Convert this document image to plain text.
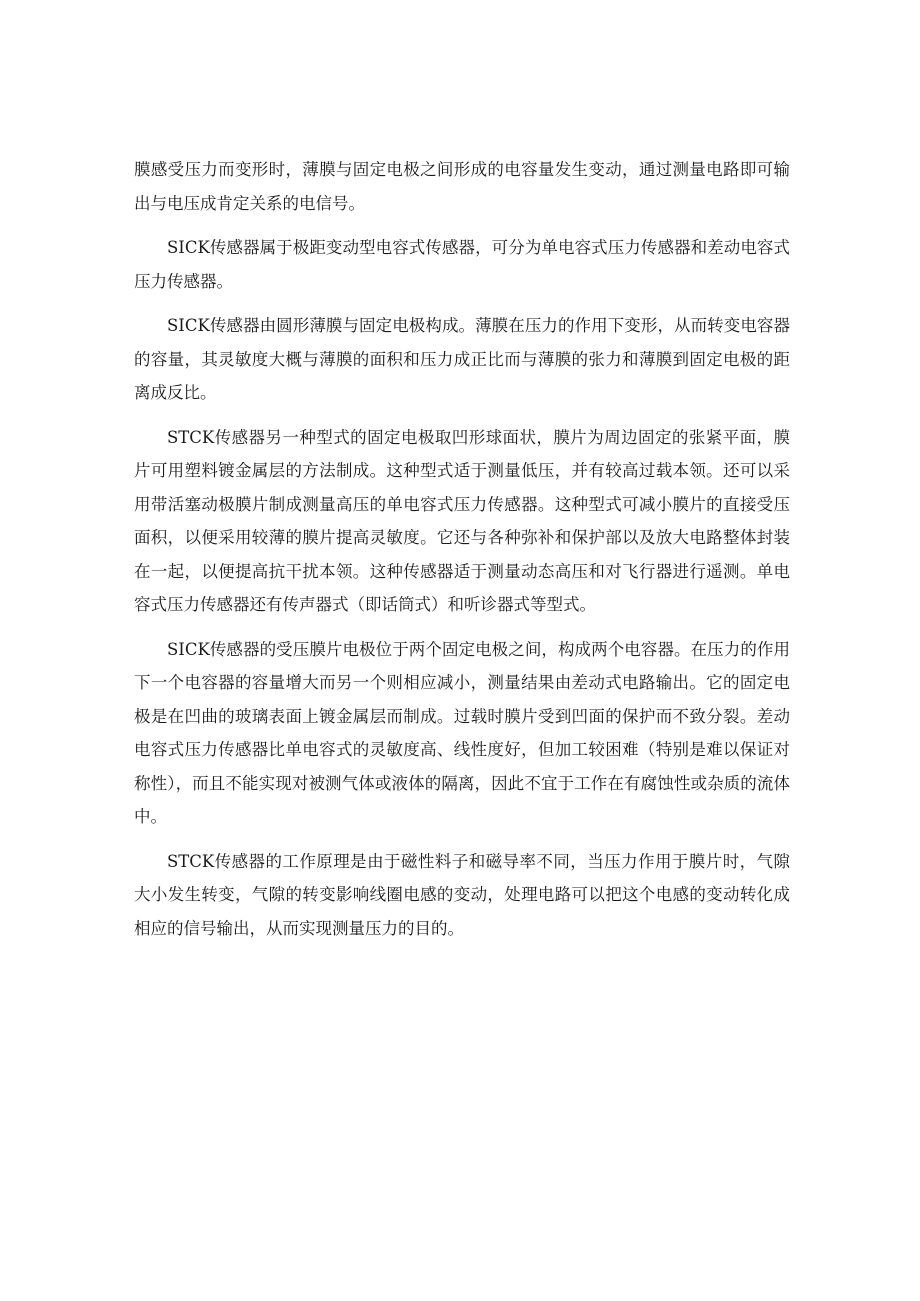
膜感受压力而变形时，薄膜与固定电极之间形成的电容量发生变动，通过测量电路即可输出与电压成肯定关系的电信号。

SICK传感器属于极距变动型电容式传感器，可分为单电容式压力传感器和差动电容式压力传感器。

SICK传感器由圆形薄膜与固定电极构成。薄膜在压力的作用下变形，从而转变电容器的容量，其灵敏度大概与薄膜的面积和压力成正比而与薄膜的张力和薄膜到固定电极的距离成反比。

STCK传感器另一种型式的固定电极取凹形球面状，膜片为周边固定的张紧平面，膜片可用塑料镀金属层的方法制成。这种型式适于测量低压，并有较高过载本领。还可以采用带活塞动极膜片制成测量高压的单电容式压力传感器。这种型式可减小膜片的直接受压面积，以便采用较薄的膜片提高灵敏度。它还与各种弥补和保护部以及放大电路整体封装在一起，以便提高抗干扰本领。这种传感器适于测量动态高压和对飞行器进行遥测。单电容式压力传感器还有传声器式（即话筒式）和听诊器式等型式。

SICK传感器的受压膜片电极位于两个固定电极之间，构成两个电容器。在压力的作用下一个电容器的容量增大而另一个则相应减小，测量结果由差动式电路输出。它的固定电极是在凹曲的玻璃表面上镀金属层而制成。过载时膜片受到凹面的保护而不致分裂。差动电容式压力传感器比单电容式的灵敏度高、线性度好，但加工较困难（特别是难以保证对称性），而且不能实现对被测气体或液体的隔离，因此不宜于工作在有腐蚀性或杂质的流体中。

STCK传感器的工作原理是由于磁性料子和磁导率不同，当压力作用于膜片时，气隙大小发生转变，气隙的转变影响线圈电感的变动，处理电路可以把这个电感的变动转化成相应的信号输出，从而实现测量压力的目的。
